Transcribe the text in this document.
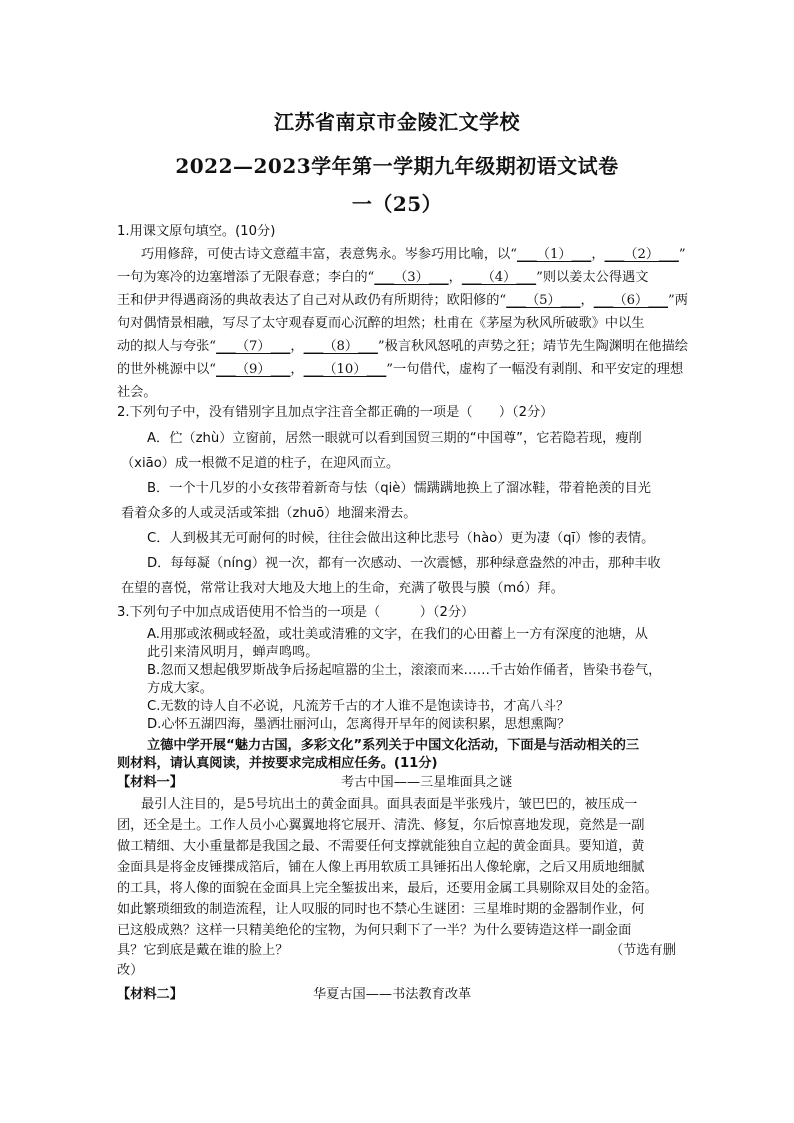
江苏省南京市金陵汇文学校
2022—2023学年第一学期九年级期初语文试卷
一（25）
1.用课文原句填空。(10分)
巧用修辞，可使古诗文意蕴丰富，表意隽永。岑参巧用比喻，以“___（1）___，___（2）___”
一句为寒冷的边塞增添了无限春意；李白的“___（3）___，___（4）___”则以姜太公得遇文
王和伊尹得遇商汤的典故表达了自己对从政仍有所期待；欧阳修的“___（5）___，___（6）___”两
句对偶情景相融，写尽了太守观春夏而心沉醉的坦然；杜甫在《茅屋为秋风所破歌》中以生
动的拟人与夸张“___（7）___，___（8）___”极言秋风怒吼的声势之狂；靖节先生陶渊明在他描绘
的世外桃源中以“___（9）___，___（10）___”一句借代，虚构了一幅没有剥削、和平安定的理想
社会。
2.下列句子中，没有错别字且加点字注音全都正确的一项是（　　）（2分）
A．伫（zhù）立窗前，居然一眼就可以看到国贸三期的“中国尊”，它若隐若现，瘦削
（xiāo）成一根微不足道的柱子，在迎风而立。
B．一个十几岁的小女孩带着新奇与怯（qiè）懦蹒蹒地换上了溜冰鞋，带着艳羡的目光
看着众多的人或灵活或笨拙（zhuō）地溜来滑去。
C．人到极其无可耐何的时候，往往会做出这种比悲号（hào）更为凄（qī）惨的表情。
D．每每凝（níng）视一次，都有一次感动、一次震憾，那种绿意盎然的冲击，那种丰收
在望的喜悦，常常让我对大地及大地上的生命，充满了敬畏与膜（mó）拜。
3.下列句子中加点成语使用不恰当的一项是（　　　）（2分）
A.用那或浓稠或轻盈，或壮美或清雅的文字，在我们的心田蓄上一方有深度的池塘，从
此引来清风明月，蝉声鸣鸣。
B.忽而又想起俄罗斯战争后扬起喧嚣的尘土，滚滚而来……千古始作俑者，皆染书卷气，
方成大家。
C.无数的诗人自不必说，凡流芳千古的才人谁不是饱读诗书，才高八斗？
D.心怀五湖四海，墨洒壮丽河山，怎离得开早年的阅读积累，思想熏陶？
立德中学开展“魅力古国，多彩文化”系列关于中国文化活动，下面是与活动相关的三
则材料，请认真阅读，并按要求完成相应任务。(11分)
【材料一】	考古中国——三星堆面具之谜
最引人注目的，是5号坑出土的黄金面具。面具表面是半张残片，皱巴巴的，被压成一
团，还全是土。工作人员小心翼翼地将它展开、清洗、修复，尔后惊喜地发现，竟然是一副
做工精细、大小重量都是我国之最、不需要任何支撑就能独自立起的黄金面具。要知道，黄
金面具是将金皮锤揲成箔后，铺在人像上再用软质工具锤拓出人像轮廓，之后又用质地细腻
的工具，将人像的面貌在金面具上完全錾拔出来，最后，还要用金属工具剔除双目处的金箔。
如此繁琐细致的制造流程，让人叹服的同时也不禁心生谜团：三星堆时期的金器制作业，何
已这般成熟？这样一只精美绝伦的宝物，为何只剩下了一半？为什么要铸造这样一副金面
具？它到底是戴在谁的脸上？	（节选有删
改）
【材料二】	华夏古国——书法教育改革
